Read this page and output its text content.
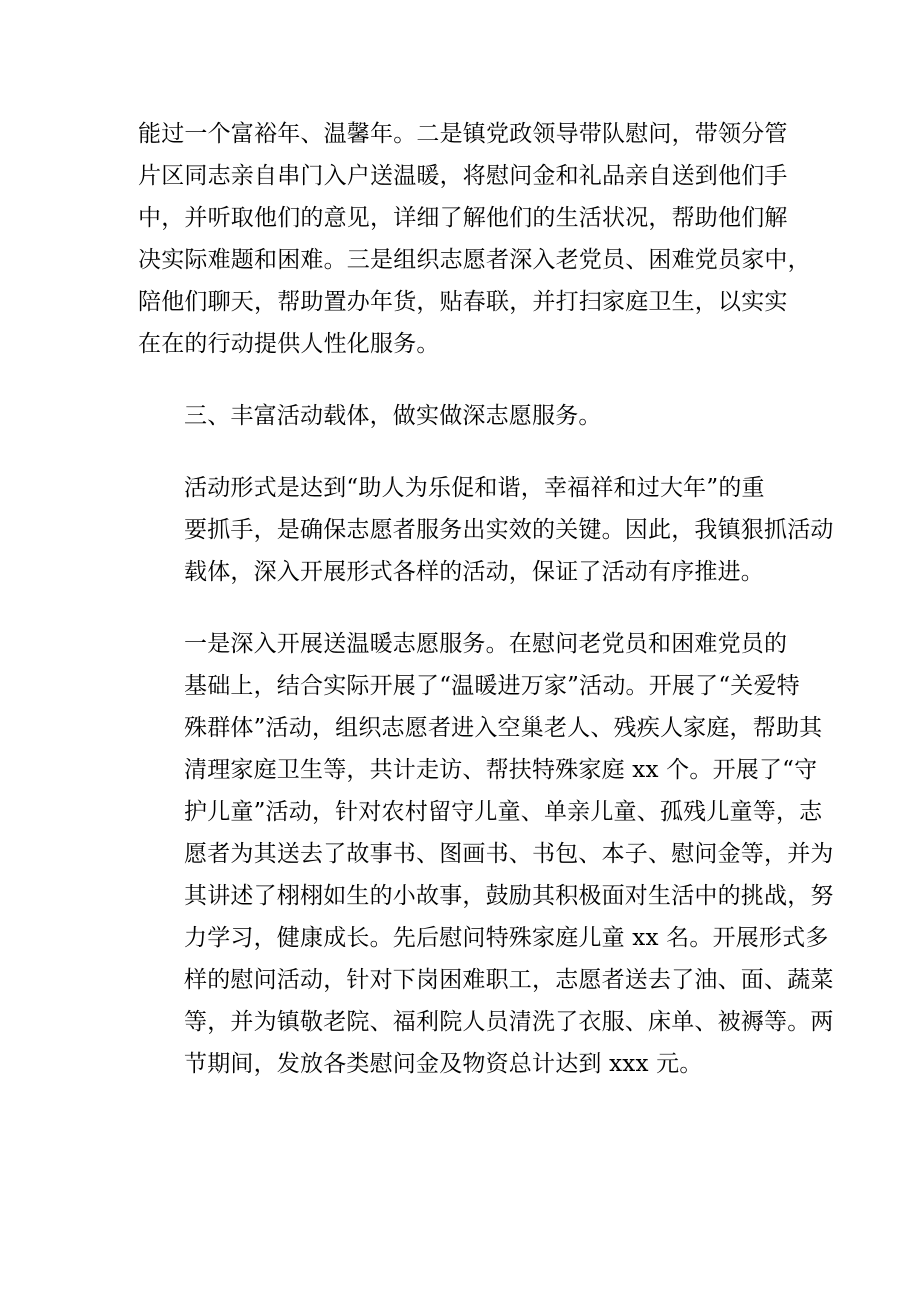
能过一个富裕年、温馨年。二是镇党政领导带队慰问，带领分管
片区同志亲自串门入户送温暖，将慰问金和礼品亲自送到他们手
中，并听取他们的意见，详细了解他们的生活状况，帮助他们解
决实际难题和困难。三是组织志愿者深入老党员、困难党员家中，
陪他们聊天，帮助置办年货，贴春联，并打扫家庭卫生，以实实
在在的行动提供人性化服务。

三、丰富活动载体，做实做深志愿服务。

活动形式是达到“助人为乐促和谐，幸福祥和过大年”的重
要抓手，是确保志愿者服务出实效的关键。因此，我镇狠抓活动
载体，深入开展形式各样的活动，保证了活动有序推进。

一是深入开展送温暖志愿服务。在慰问老党员和困难党员的
基础上，结合实际开展了“温暖进万家”活动。开展了“关爱特
殊群体”活动，组织志愿者进入空巢老人、残疾人家庭，帮助其
清理家庭卫生等，共计走访、帮扶特殊家庭 xx 个。开展了“守
护儿童”活动，针对农村留守儿童、单亲儿童、孤残儿童等，志
愿者为其送去了故事书、图画书、书包、本子、慰问金等，并为
其讲述了栩栩如生的小故事，鼓励其积极面对生活中的挑战，努
力学习，健康成长。先后慰问特殊家庭儿童 xx 名。开展形式多
样的慰问活动，针对下岗困难职工，志愿者送去了油、面、蔬菜
等，并为镇敬老院、福利院人员清洗了衣服、床单、被褥等。两
节期间，发放各类慰问金及物资总计达到 xxx 元。
